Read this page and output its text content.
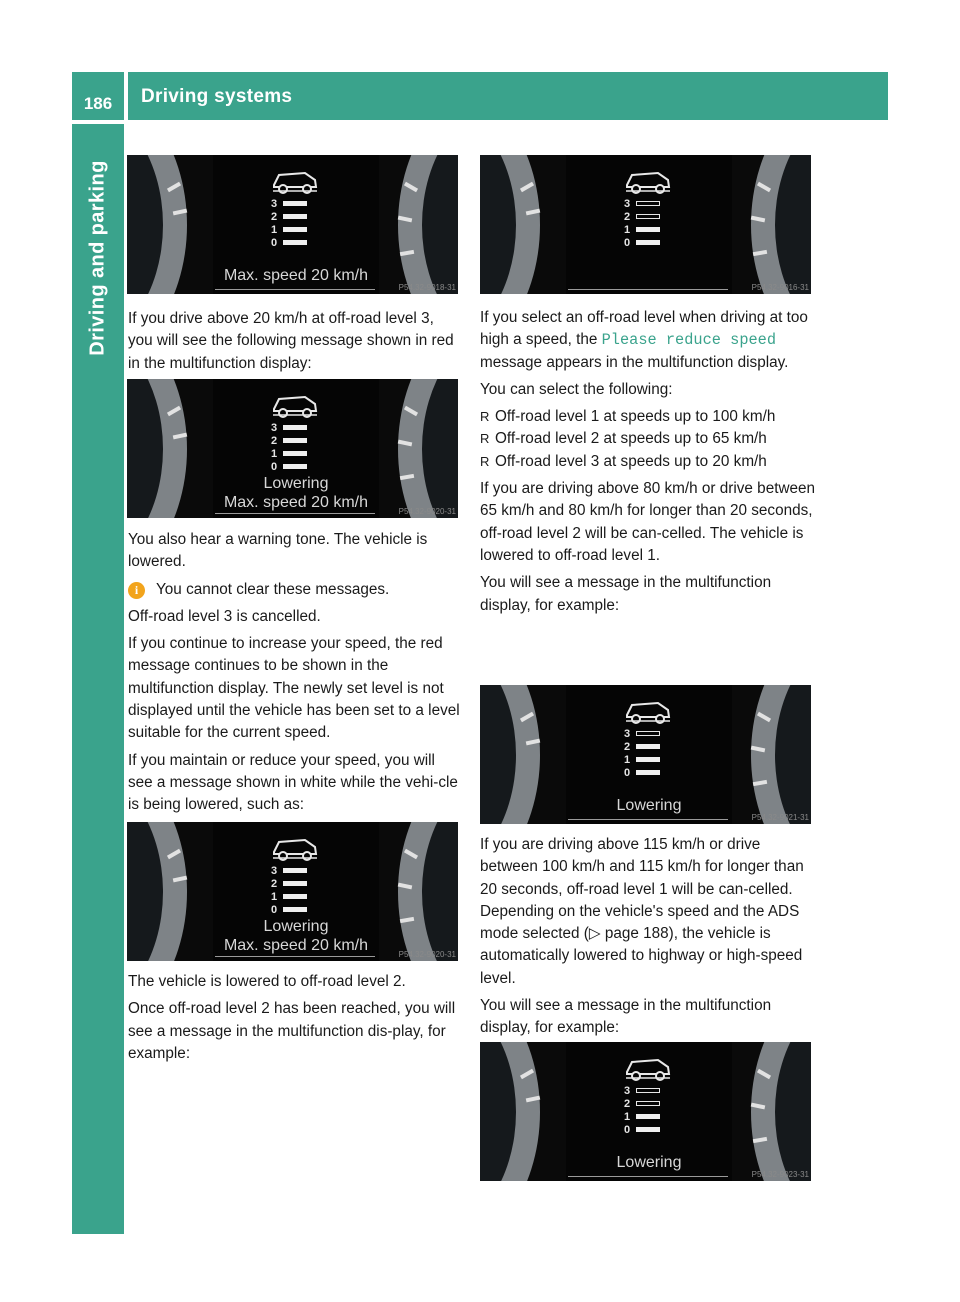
186	Driving systems
Driving and parking	3
2
1
0
Max. speed 20 km/h
P54.32-9018-31
3
2
1
0
Lowering
Max. speed 20 km/h
P54.32-9020-31
3
2
1
0
Lowering
Max. speed 20 km/h
P54.32-9020-31
3
2
1
0
P54.32-9016-31
3
2
1
0
Lowering
P54.32-9021-31
3
2
1
0
Lowering
P54.32-9023-31

If you drive above 20 km/h at off-road level 3, you will see the following message shown in red in the multifunction display:

You also hear a warning tone. The vehicle is lowered.

i	You cannot clear these messages.

Off-road level 3 is cancelled.

If you continue to increase your speed, the red message continues to be shown in the multifunction display. The newly set level is not displayed until the vehicle has been set to a level suitable for the current speed.

If you maintain or reduce your speed, you will see a message shown in white while the vehi-cle is being lowered, such as:

The vehicle is lowered to off-road level 2.

Once off-road level 2 has been reached, you will see a message in the multifunction dis-play, for example:

If you select an off-road level when driving at too high a speed, the Please reduce speed message appears in the multifunction display.

You can select the following:

R Off-road level 1 at speeds up to 100 km/h
R Off-road level 2 at speeds up to 65 km/h
R Off-road level 3 at speeds up to 20 km/h

If you are driving above 80 km/h or drive between 65 km/h and 80 km/h for longer than 20 seconds, off-road level 2 will be can-celled. The vehicle is lowered to off-road level 1.

You will see a message in the multifunction display, for example:

If you are driving above 115 km/h or drive between 100 km/h and 115 km/h for longer than 20 seconds, off-road level 1 will be can-celled. Depending on the vehicle's speed and the ADS mode selected (▷ page 188), the vehicle is automatically lowered to highway or high-speed level.

You will see a message in the multifunction display, for example:
